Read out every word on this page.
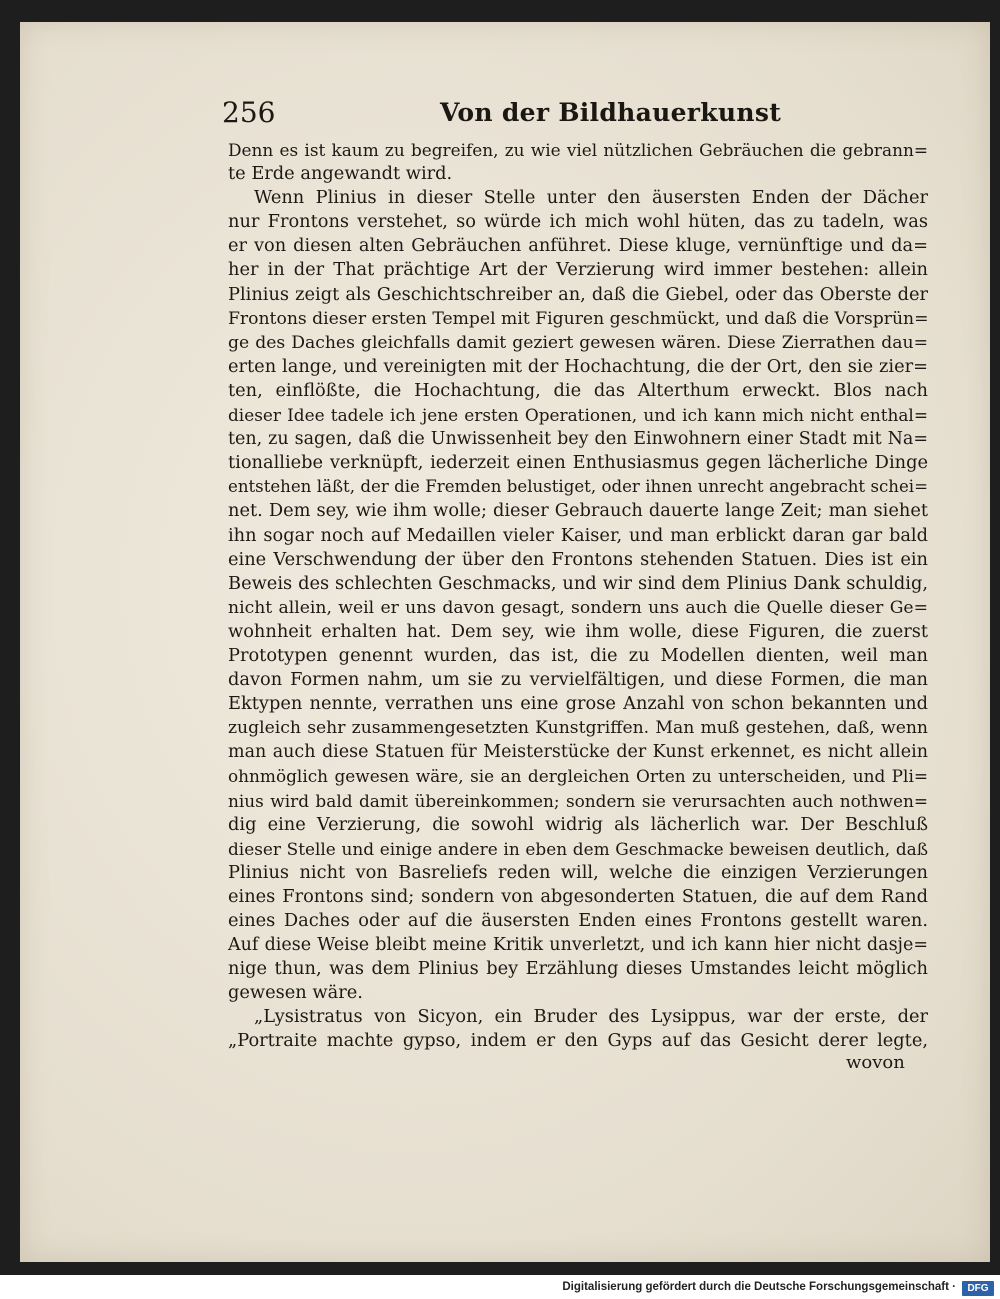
256	Von der Bildhauerkunst
Denn es ist kaum zu begreifen, zu wie viel nützlichen Gebräuchen die gebrann=
te Erde angewandt wird.
Wenn Plinius in dieser Stelle unter den äusersten Enden der Dächer
nur Frontons verstehet, so würde ich mich wohl hüten, das zu tadeln, was
er von diesen alten Gebräuchen anführet. Diese kluge, vernünftige und da=
her in der That prächtige Art der Verzierung wird immer bestehen: allein
Plinius zeigt als Geschichtschreiber an, daß die Giebel, oder das Oberste der
Frontons dieser ersten Tempel mit Figuren geschmückt, und daß die Vorsprün=
ge des Daches gleichfalls damit geziert gewesen wären. Diese Zierrathen dau=
erten lange, und vereinigten mit der Hochachtung, die der Ort, den sie zier=
ten, einflößte, die Hochachtung, die das Alterthum erweckt. Blos nach
dieser Idee tadele ich jene ersten Operationen, und ich kann mich nicht enthal=
ten, zu sagen, daß die Unwissenheit bey den Einwohnern einer Stadt mit Na=
tionalliebe verknüpft, iederzeit einen Enthusiasmus gegen lächerliche Dinge
entstehen läßt, der die Fremden belustiget, oder ihnen unrecht angebracht schei=
net. Dem sey, wie ihm wolle; dieser Gebrauch dauerte lange Zeit; man siehet
ihn sogar noch auf Medaillen vieler Kaiser, und man erblickt daran gar bald
eine Verschwendung der über den Frontons stehenden Statuen. Dies ist ein
Beweis des schlechten Geschmacks, und wir sind dem Plinius Dank schuldig,
nicht allein, weil er uns davon gesagt, sondern uns auch die Quelle dieser Ge=
wohnheit erhalten hat. Dem sey, wie ihm wolle, diese Figuren, die zuerst
Prototypen genennt wurden, das ist, die zu Modellen dienten, weil man
davon Formen nahm, um sie zu vervielfältigen, und diese Formen, die man
Ektypen nennte, verrathen uns eine grose Anzahl von schon bekannten und
zugleich sehr zusammengesetzten Kunstgriffen. Man muß gestehen, daß, wenn
man auch diese Statuen für Meisterstücke der Kunst erkennet, es nicht allein
ohnmöglich gewesen wäre, sie an dergleichen Orten zu unterscheiden, und Pli=
nius wird bald damit übereinkommen; sondern sie verursachten auch nothwen=
dig eine Verzierung, die sowohl widrig als lächerlich war. Der Beschluß
dieser Stelle und einige andere in eben dem Geschmacke beweisen deutlich, daß
Plinius nicht von Basreliefs reden will, welche die einzigen Verzierungen
eines Frontons sind; sondern von abgesonderten Statuen, die auf dem Rand
eines Daches oder auf die äusersten Enden eines Frontons gestellt waren.
Auf diese Weise bleibt meine Kritik unverletzt, und ich kann hier nicht dasje=
nige thun, was dem Plinius bey Erzählung dieses Umstandes leicht möglich
gewesen wäre.
„Lysistratus von Sicyon, ein Bruder des Lysippus, war der erste, der
„Portraite machte gypso, indem er den Gyps auf das Gesicht derer legte,
wovon
Digitalisierung gefördert durch die Deutsche Forschungsgemeinschaft ·	DFG
